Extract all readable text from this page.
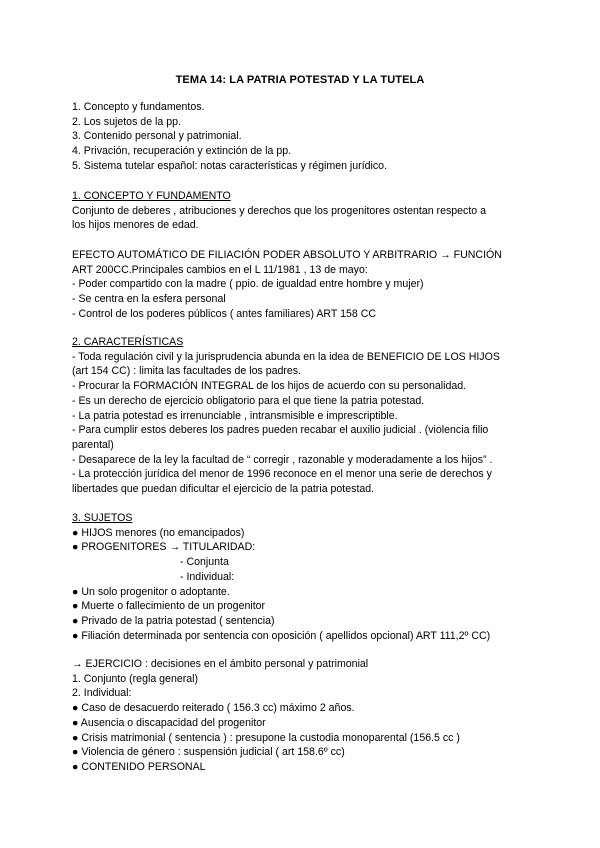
TEMA 14: LA PATRIA POTESTAD Y LA TUTELA
1. Concepto y fundamentos.
2. Los sujetos de la pp.
3. Contenido personal y patrimonial.
4. Privación, recuperación y extinción de la pp.
5. Sistema tutelar español: notas características y régimen jurídico.
1. CONCEPTO Y FUNDAMENTO
Conjunto de deberes , atribuciones y derechos que los progenitores ostentan respecto a
los hijos menores de edad.
EFECTO AUTOMÁTICO DE FILIACIÓN PODER ABSOLUTO Y ARBITRARIO → FUNCIÓN
ART 200CC.Principales cambios en el L 11/1981 , 13 de mayo:
- Poder compartido con la madre ( ppio. de igualdad entre hombre y mujer)
- Se centra en la esfera personal
- Control de los poderes públicos ( antes familiares) ART 158 CC
2. CARACTERÍSTICAS
- Toda regulación civil y la jurisprudencia abunda en la idea de BENEFICIO DE LOS HIJOS
(art 154 CC) : limita las facultades de los padres.
- Procurar la FORMACIÓN INTEGRAL de los hijos de acuerdo con su personalidad.
- Es un derecho de ejercicio obligatorio para el que tiene la patria potestad.
- La patria potestad es irrenunciable , intransmisible e imprescriptible.
- Para cumplir estos deberes los padres pueden recabar el auxilio judicial . (violencia filio
parental)
- Desaparece de la ley la facultad de “ corregir , razonable y moderadamente a los hijos” .
- La protección jurídica del menor de 1996 reconoce en el menor una serie de derechos y
libertades que puedan dificultar el ejercicio de la patria potestad.
3. SUJETOS
● HIJOS menores (no emancipados)
● PROGENITORES → TITULARIDAD:
- Conjunta
- Individual:
● Un solo progenitor o adoptante.
● Muerte o fallecimiento de un progenitor
● Privado de la patria potestad ( sentencia)
● Filiación determinada por sentencia con oposición ( apellidos opcional) ART 111,2º CC)
→ EJERCICIO : decisiones en el ámbito personal y patrimonial
1. Conjunto (regla general)
2. Individual:
● Caso de desacuerdo reiterado ( 156.3 cc) máximo 2 años.
● Ausencia o discapacidad del progenitor
● Crisis matrimonial ( sentencia ) : presupone la custodia monoparental (156.5 cc )
● Violencia de género : suspensión judicial ( art 158.6º cc)
● CONTENIDO PERSONAL
